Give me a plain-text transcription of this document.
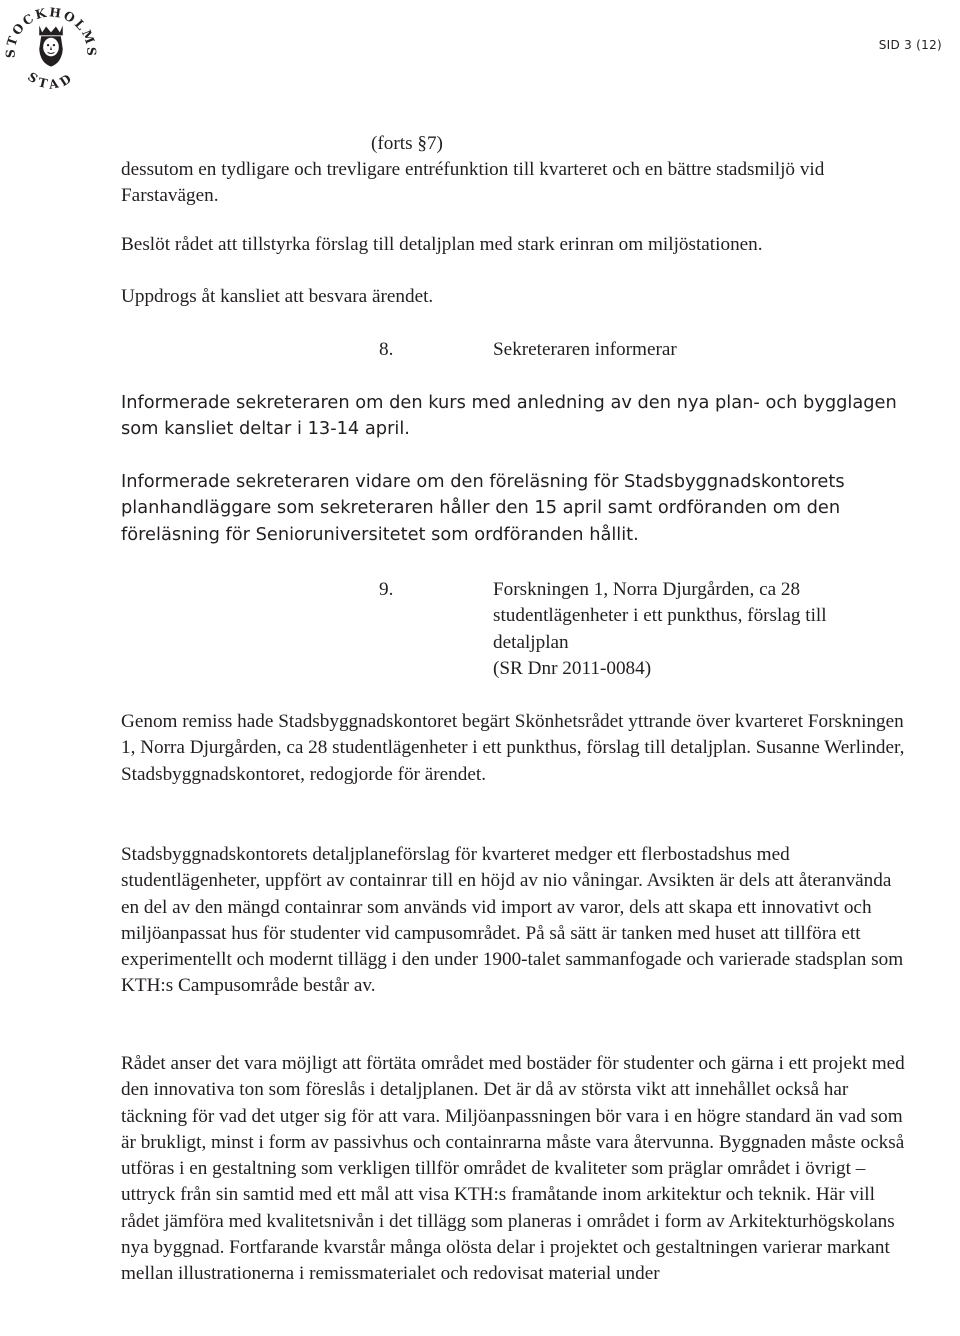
STOCKHOLMS
STAD
SID 3 (12)
(forts §7)

dessutom en tydligare och trevligare entréfunktion till kvarteret och en bättre stadsmiljö vid Farstavägen.

Beslöt rådet att tillstyrka förslag till detaljplan med stark erinran om miljöstationen.

Uppdrogs åt kansliet att besvara ärendet.

8.	Sekreteraren informerar

Informerade sekreteraren om den kurs med anledning av den nya plan- och bygglagen som kansliet deltar i 13-14 april.

Informerade sekreteraren vidare om den föreläsning för Stadsbyggnadskontorets planhandläggare som sekreteraren håller den 15 april samt ordföranden om den föreläsning för Senioruniversitetet som ordföranden hållit.

9.	Forskningen 1, Norra Djurgården, ca 28 studentlägenheter i ett punkthus, förslag till detaljplan
(SR Dnr 2011-0084)

Genom remiss hade Stadsbyggnadskontoret begärt Skönhetsrådet yttrande över kvarteret Forskningen 1, Norra Djurgården, ca 28 studentlägenheter i ett punkthus, förslag till detaljplan. Susanne Werlinder, Stadsbyggnadskontoret, redogjorde för ärendet.

Stadsbyggnadskontorets detaljplaneförslag för kvarteret medger ett flerbostadshus med studentlägenheter, uppfört av containrar till en höjd av nio våningar. Avsikten är dels att återanvända en del av den mängd containrar som används vid import av varor, dels att skapa ett innovativt och miljöanpassat hus för studenter vid campusområdet. På så sätt är tanken med huset att tillföra ett experimentellt och modernt tillägg i den under 1900-talet sammanfogade och varierade stadsplan som KTH:s Campusområde består av.

Rådet anser det vara möjligt att förtäta området med bostäder för studenter och gärna i ett projekt med den innovativa ton som föreslås i detaljplanen. Det är då av största vikt att innehållet också har täckning för vad det utger sig för att vara. Miljöanpassningen bör vara i en högre standard än vad som är brukligt, minst i form av passivhus och containrarna måste vara återvunna. Byggnaden måste också utföras i en gestaltning som verkligen tillför området de kvaliteter som präglar området i övrigt – uttryck från sin samtid med ett mål att visa KTH:s framåtande inom arkitektur och teknik. Här vill rådet jämföra med kvalitetsnivån i det tillägg som planeras i området i form av Arkitekturhögskolans nya byggnad. Fortfarande kvarstår många olösta delar i projektet och gestaltningen varierar markant mellan illustrationerna i remissmaterialet och redovisat material under
